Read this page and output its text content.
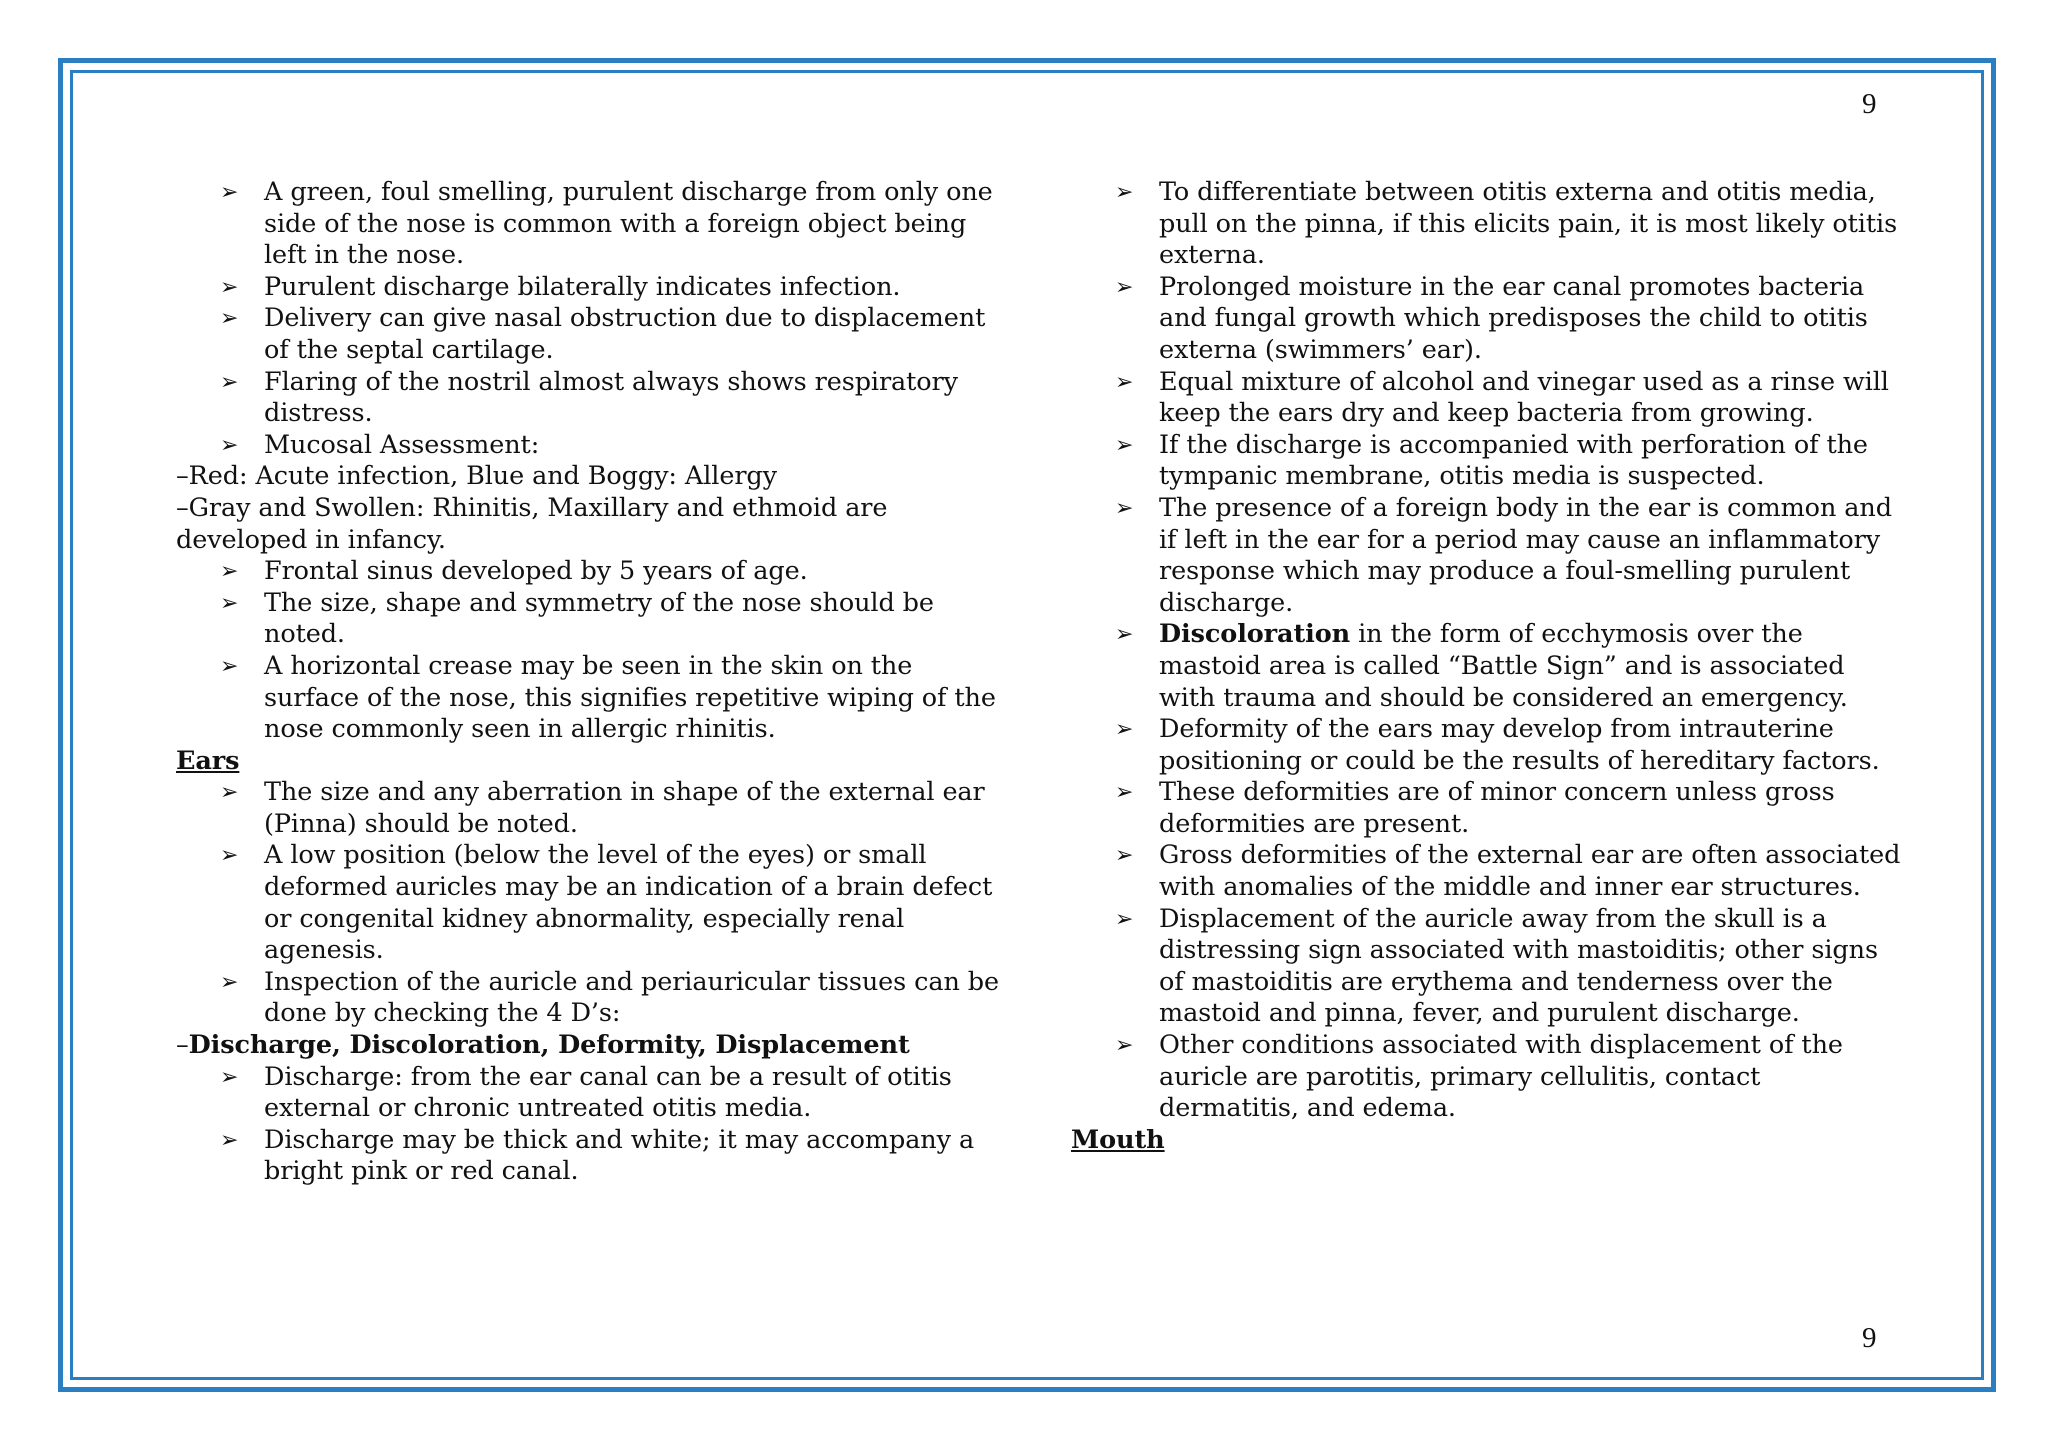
9

➢ A green, foul smelling, purulent discharge from only one side of the nose is common with a foreign object being left in the nose.

➢ Purulent discharge bilaterally indicates infection.

➢ Delivery can give nasal obstruction due to displacement of the septal cartilage.

➢ Flaring of the nostril almost always shows respiratory distress.

➢ Mucosal Assessment:

–Red: Acute infection, Blue and Boggy: Allergy

–Gray and Swollen: Rhinitis, Maxillary and ethmoid are developed in infancy.

➢ Frontal sinus developed by 5 years of age.

➢ The size, shape and symmetry of the nose should be noted.

➢ A horizontal crease may be seen in the skin on the surface of the nose, this signifies repetitive wiping of the nose commonly seen in allergic rhinitis.

Ears

➢ The size and any aberration in shape of the external ear (Pinna) should be noted.

➢ A low position (below the level of the eyes) or small deformed auricles may be an indication of a brain defect or congenital kidney abnormality, especially renal agenesis.

➢ Inspection of the auricle and periauricular tissues can be done by checking the 4 D’s:

–Discharge, Discoloration, Deformity, Displacement

➢ Discharge: from the ear canal can be a result of otitis external or chronic untreated otitis media.

➢ Discharge may be thick and white; it may accompany a bright pink or red canal.

➢ To differentiate between otitis externa and otitis media, pull on the pinna, if this elicits pain, it is most likely otitis externa.

➢ Prolonged moisture in the ear canal promotes bacteria and fungal growth which predisposes the child to otitis externa (swimmers’ ear).

➢ Equal mixture of alcohol and vinegar used as a rinse will keep the ears dry and keep bacteria from growing.

➢ If the discharge is accompanied with perforation of the tympanic membrane, otitis media is suspected.

➢ The presence of a foreign body in the ear is common and if left in the ear for a period may cause an inflammatory response which may produce a foul-smelling purulent discharge.

➢ Discoloration in the form of ecchymosis over the mastoid area is called “Battle Sign” and is associated with trauma and should be considered an emergency.

➢ Deformity of the ears may develop from intrauterine positioning or could be the results of hereditary factors.

➢ These deformities are of minor concern unless gross deformities are present.

➢ Gross deformities of the external ear are often associated with anomalies of the middle and inner ear structures.

➢ Displacement of the auricle away from the skull is a distressing sign associated with mastoiditis; other signs of mastoiditis are erythema and tenderness over the mastoid and pinna, fever, and purulent discharge.

➢ Other conditions associated with displacement of the auricle are parotitis, primary cellulitis, contact dermatitis, and edema.

Mouth

9
